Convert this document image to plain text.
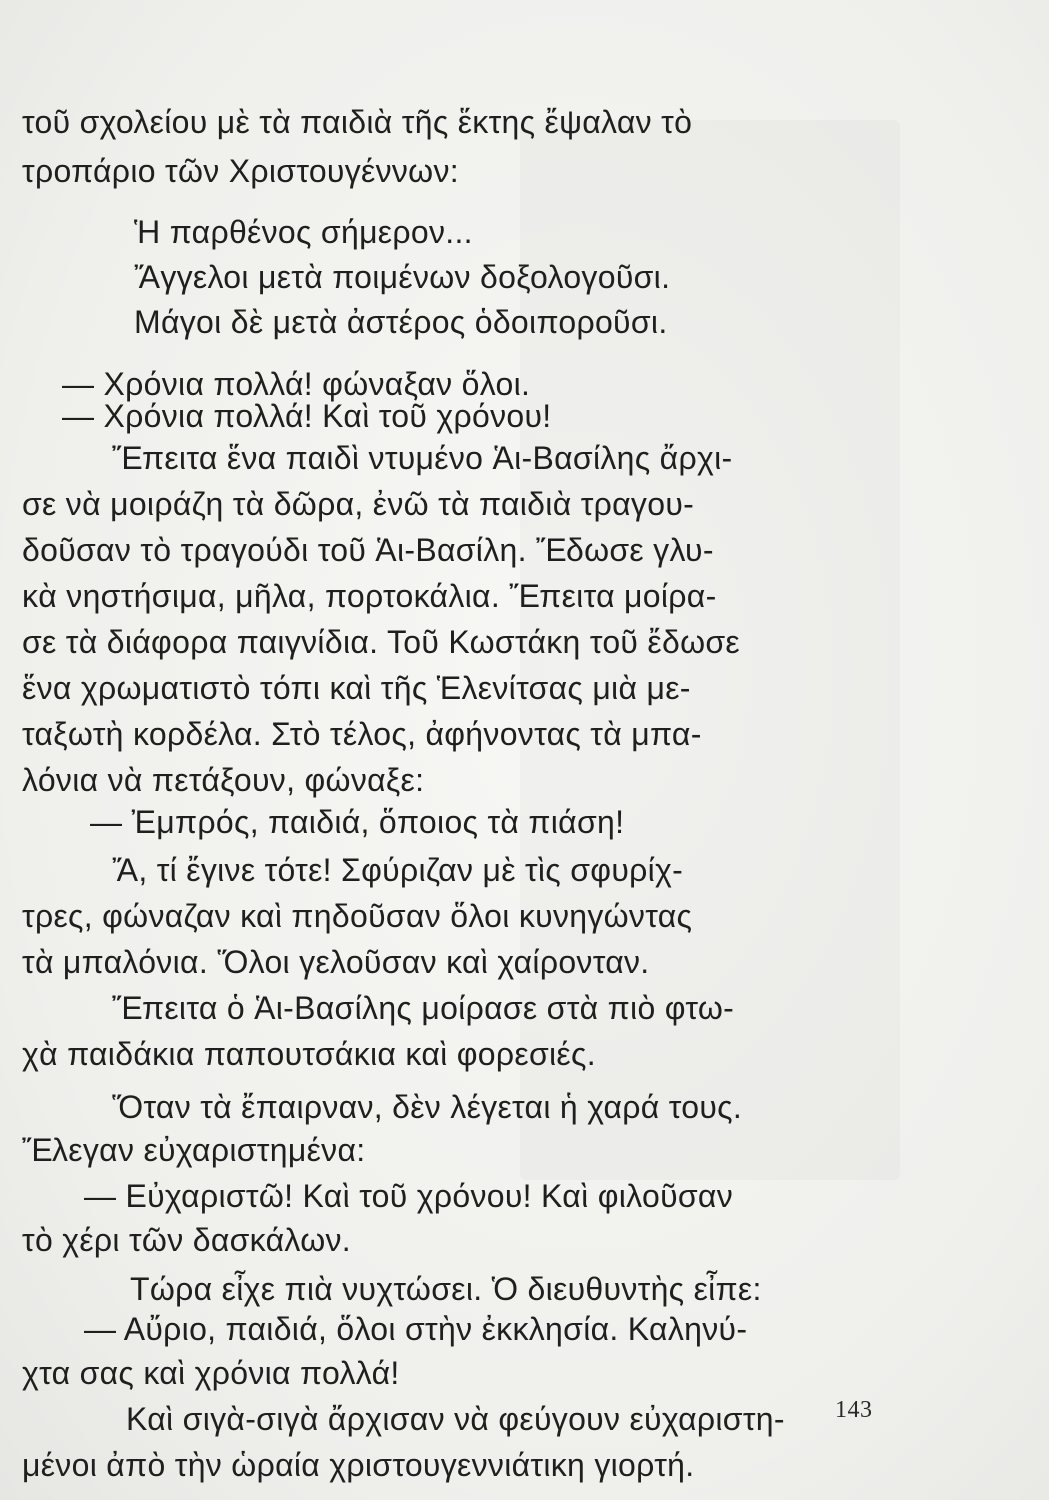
τοῦ σχολείου μὲ τὰ παιδιὰ τῆς ἕκτης ἔψαλαν τὸ
τροπάριο τῶν Χριστουγέννων:
Ἡ παρθένος σήμερον...
Ἄγγελοι μετὰ ποιμένων δοξολογοῦσι.
Μάγοι δὲ μετὰ ἀστέρος ὁδοιποροῦσι.
— Χρόνια πολλά! φώναξαν ὅλοι.
— Χρόνια πολλά! Καὶ τοῦ χρόνου!
Ἔπειτα ἕνα παιδὶ ντυμένο Ἁι-Βασίλης ἄρχι-
σε νὰ μοιράζη τὰ δῶρα, ἐνῶ τὰ παιδιὰ τραγου-
δοῦσαν τὸ τραγούδι τοῦ Ἁι-Βασίλη. Ἔδωσε γλυ-
κὰ νηστήσιμα, μῆλα, πορτοκάλια. Ἔπειτα μοίρα-
σε τὰ διάφορα παιγνίδια. Τοῦ Κωστάκη τοῦ ἔδωσε
ἕνα χρωματιστὸ τόπι καὶ τῆς Ἑλενίτσας μιὰ με-
ταξωτὴ κορδέλα. Στὸ τέλος, ἀφήνοντας τὰ μπα-
λόνια νὰ πετάξουν, φώναξε:
— Ἐμπρός, παιδιά, ὅποιος τὰ πιάση!
Ἄ, τί ἔγινε τότε! Σφύριζαν μὲ τὶς σφυρίχ-
τρες, φώναζαν καὶ πηδοῦσαν ὅλοι κυνηγώντας
τὰ μπαλόνια. Ὅλοι γελοῦσαν καὶ χαίρονταν.
Ἔπειτα ὁ Ἁι-Βασίλης μοίρασε στὰ πιὸ φτω-
χὰ παιδάκια παπουτσάκια καὶ φορεσιές.
Ὅταν τὰ ἔπαιρναν, δὲν λέγεται ἡ χαρά τους.
Ἔλεγαν εὐχαριστημένα:
— Εὐχαριστῶ! Καὶ τοῦ χρόνου! Καὶ φιλοῦσαν
τὸ χέρι τῶν δασκάλων.
Τώρα εἶχε πιὰ νυχτώσει. Ὁ διευθυντὴς εἶπε:
— Αὔριο, παιδιά, ὅλοι στὴν ἐκκλησία. Καληνύ-
χτα σας καὶ χρόνια πολλά!
Καὶ σιγὰ-σιγὰ ἄρχισαν νὰ φεύγουν εὐχαριστη-
μένοι ἀπὸ τὴν ὡραία χριστουγεννιάτικη γιορτή.
143
